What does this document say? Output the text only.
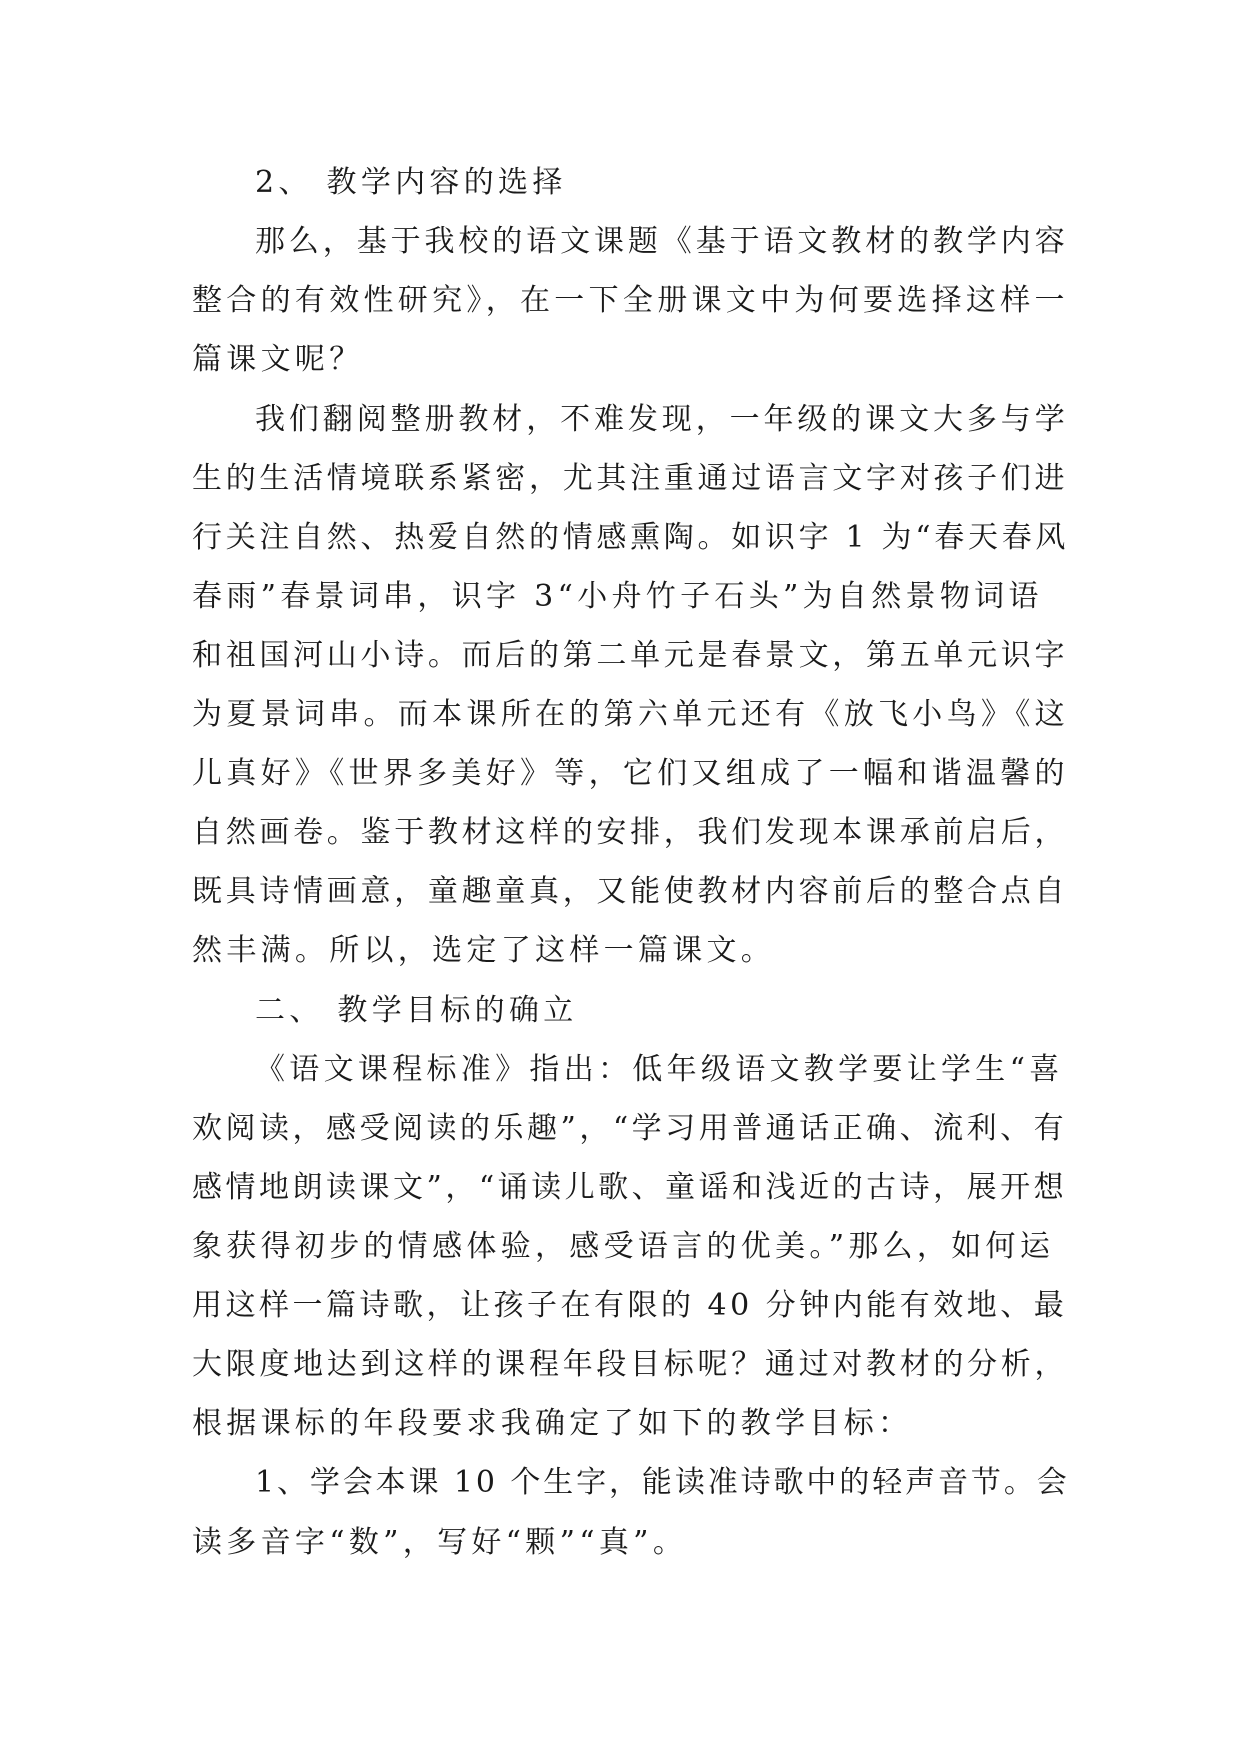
2、 教学内容的选择
那么，基于我校的语文课题《基于语文教材的教学内容
整合的有效性研究》，在一下全册课文中为何要选择这样一
篇课文呢？
我们翻阅整册教材，不难发现，一年级的课文大多与学
生的生活情境联系紧密，尤其注重通过语言文字对孩子们进
行关注自然、热爱自然的情感熏陶。如识字 1 为“春天春风
春雨”春景词串，识字 3“小舟竹子石头”为自然景物词语
和祖国河山小诗。而后的第二单元是春景文，第五单元识字
为夏景词串。而本课所在的第六单元还有《放飞小鸟》《这
儿真好》《世界多美好》等，它们又组成了一幅和谐温馨的
自然画卷。鉴于教材这样的安排，我们发现本课承前启后，
既具诗情画意，童趣童真，又能使教材内容前后的整合点自
然丰满。所以，选定了这样一篇课文。
二、 教学目标的确立
《语文课程标准》指出：低年级语文教学要让学生“喜
欢阅读，感受阅读的乐趣”，“学习用普通话正确、流利、有
感情地朗读课文”，“诵读儿歌、童谣和浅近的古诗，展开想
象获得初步的情感体验，感受语言的优美。”那么，如何运
用这样一篇诗歌，让孩子在有限的 40 分钟内能有效地、最
大限度地达到这样的课程年段目标呢？通过对教材的分析，
根据课标的年段要求我确定了如下的教学目标：
1、学会本课 10 个生字，能读准诗歌中的轻声音节。会
读多音字“数”，写好“颗”“真”。
